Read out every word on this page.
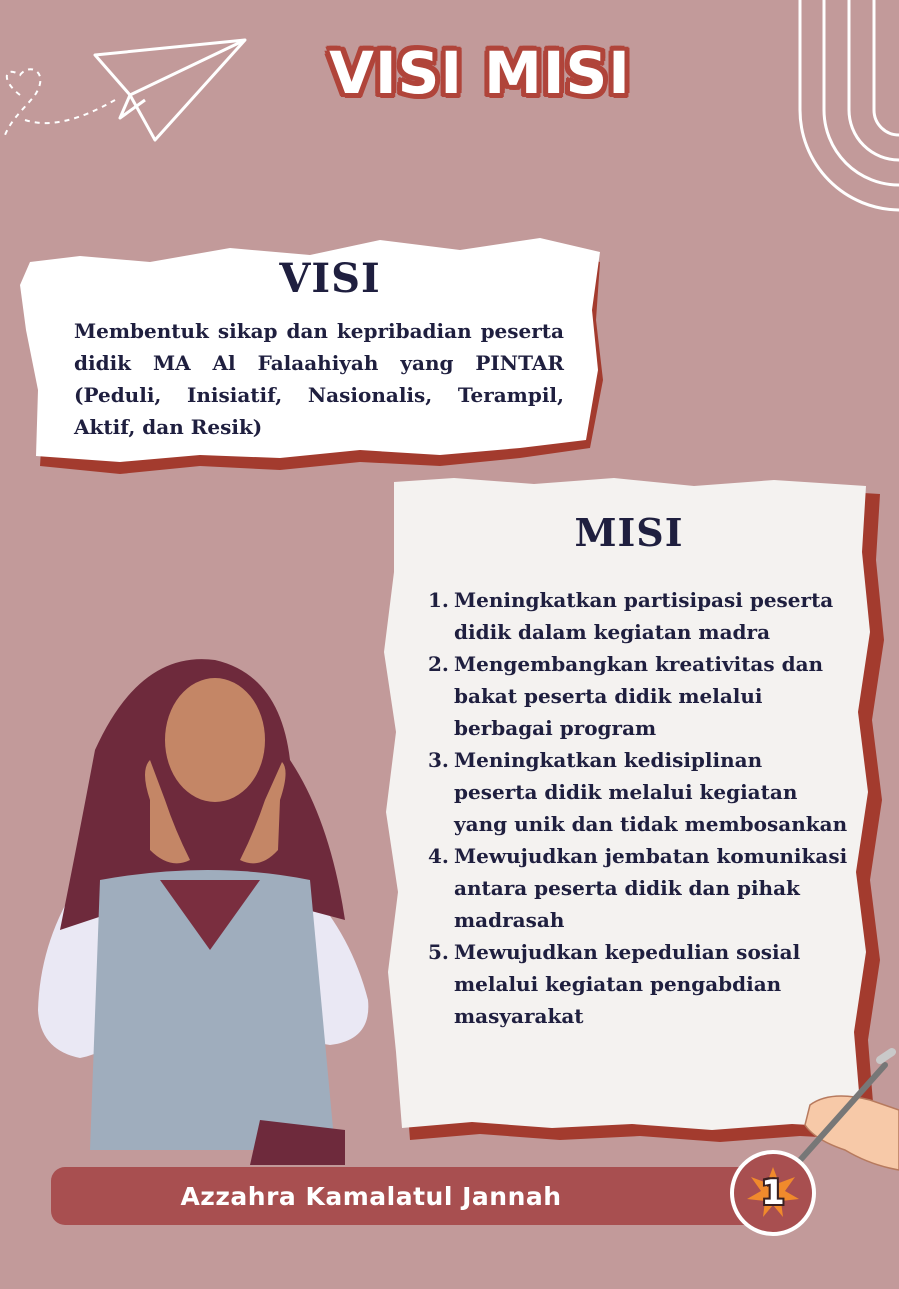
VISI MISI
VISI
Membentuk sikap dan kepribadian peserta didik MA Al Falaahiyah yang PINTAR (Peduli, Inisiatif, Nasionalis, Terampil, Aktif, dan Resik)
MISI
1. Meningkatkan partisipasi peserta didik dalam kegiatan madra
2. Mengembangkan kreativitas dan bakat peserta didik melalui berbagai program
3. Meningkatkan kedisiplinan peserta didik melalui kegiatan yang unik dan tidak membosankan
4. Mewujudkan jembatan komunikasi antara peserta didik dan pihak madrasah
5. Mewujudkan kepedulian sosial melalui kegiatan pengabdian masyarakat
Azzahra Kamalatul Jannah	1
